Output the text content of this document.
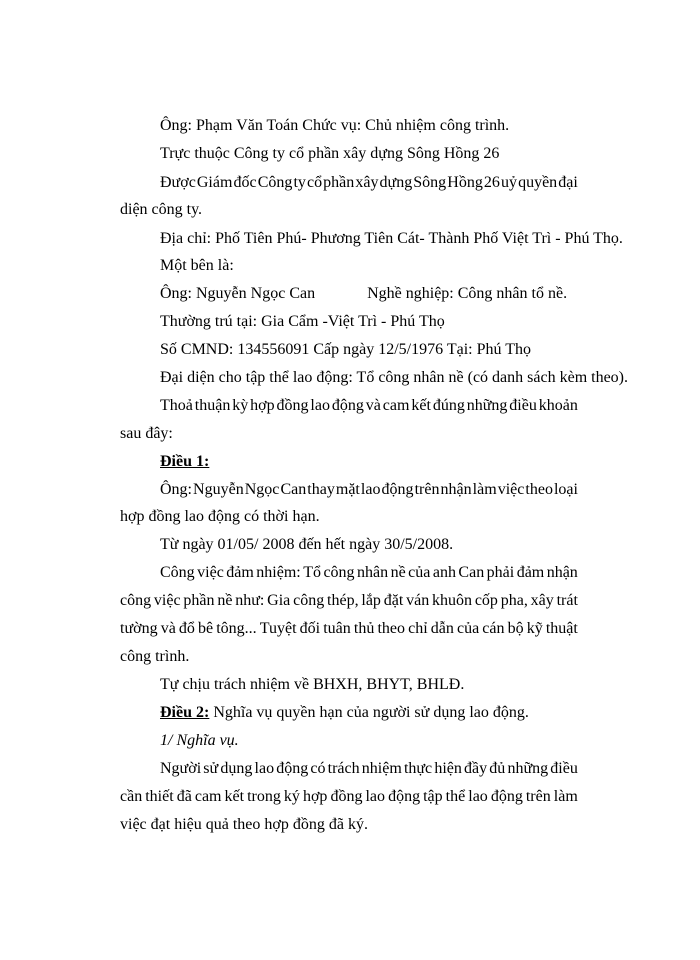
Ông: Phạm Văn Toán Chức vụ: Chủ nhiệm công trình.
Trực thuộc Công ty cổ phần xây dựng Sông Hồng 26
Được Giám đốc Công ty cổ phần xây dựng Sông Hồng 26 uỷ quyền đại
diện công ty.
Địa chỉ: Phố Tiên Phú- Phương Tiên Cát- Thành Phố Việt Trì - Phú Thọ.
Một bên là:
Ông: Nguyễn Ngọc Can	Nghề nghiệp: Công nhân tổ nề.
Thường trú tại: Gia Cẩm -Việt Trì - Phú Thọ
Số CMND: 134556091 Cấp ngày 12/5/1976 Tại: Phú Thọ
Đại diện cho tập thể lao động: Tổ công nhân nề (có danh sách kèm theo).
Thoả thuận kỳ hợp đồng lao động và cam kết đúng những điều khoản
sau đây:
Điều 1:
Ông: Nguyễn Ngọc Can thay mặt lao động trên nhận làm việc theo loại
hợp đồng lao động có thời hạn.
Từ ngày 01/05/ 2008 đến hết ngày 30/5/2008.
Công việc đảm nhiệm: Tổ công nhân nề của anh Can phải đảm nhận
công việc phần nề như: Gia công thép, lắp đặt ván khuôn cốp pha, xây trát
tường và đổ bê tông... Tuyệt đối tuân thủ theo chỉ dẫn của cán bộ kỹ thuật
công trình.
Tự chịu trách nhiệm về BHXH, BHYT, BHLĐ.
Điều 2: Nghĩa vụ quyền hạn của người sử dụng lao động.
1/ Nghĩa vụ.
Người sử dụng lao động có trách nhiệm thực hiện đầy đủ những điều
cần thiết đã cam kết trong ký hợp đồng lao động tập thể lao động trên làm
việc đạt hiệu quả theo hợp đồng đã ký.
